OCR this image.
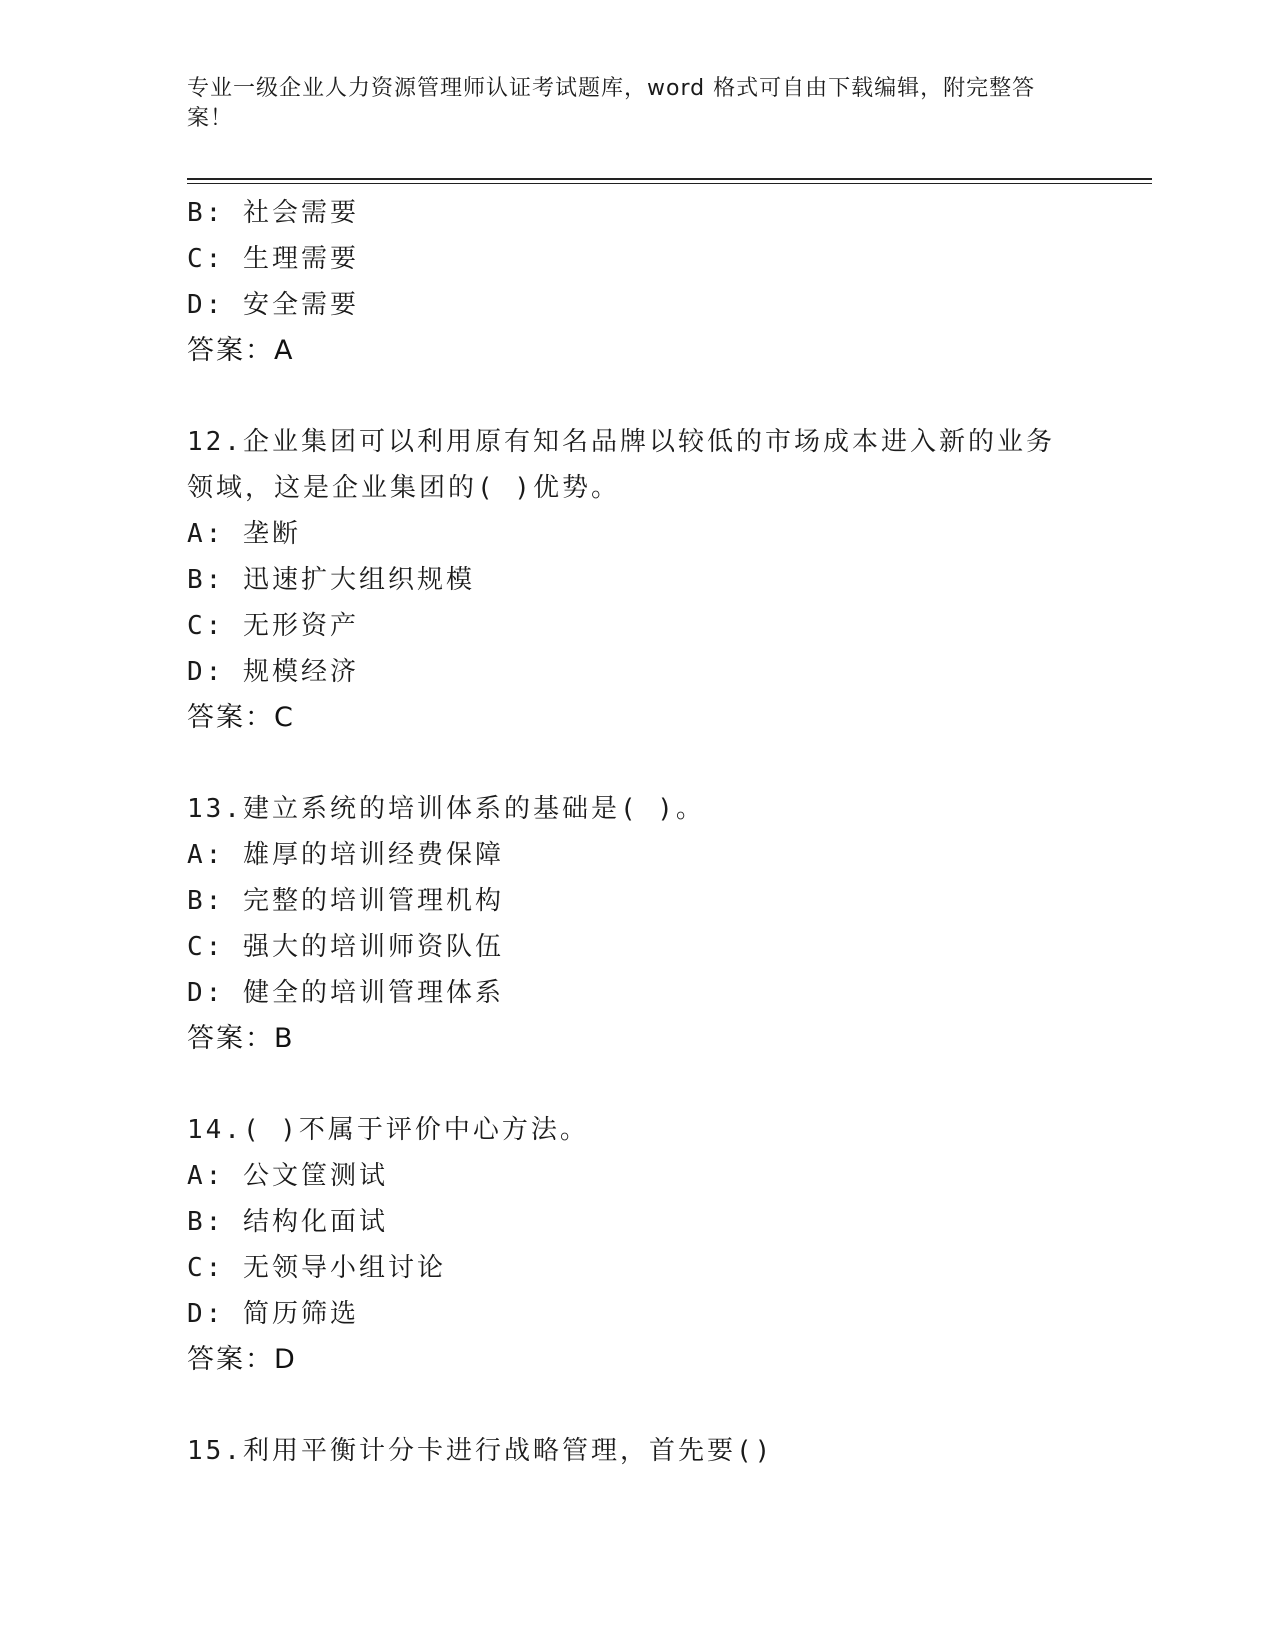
专业一级企业人力资源管理师认证考试题库，word 格式可自由下载编辑，附完整答案！
B: 社会需要
C: 生理需要
D: 安全需要
答案：A
12.企业集团可以利用原有知名品牌以较低的市场成本进入新的业务领域，这是企业集团的( )优势。
A: 垄断
B: 迅速扩大组织规模
C: 无形资产
D: 规模经济
答案：C
13.建立系统的培训体系的基础是( )。
A: 雄厚的培训经费保障
B: 完整的培训管理机构
C: 强大的培训师资队伍
D: 健全的培训管理体系
答案：B
14.( )不属于评价中心方法。
A: 公文筐测试
B: 结构化面试
C: 无领导小组讨论
D: 简历筛选
答案：D
15.利用平衡计分卡进行战略管理，首先要()
